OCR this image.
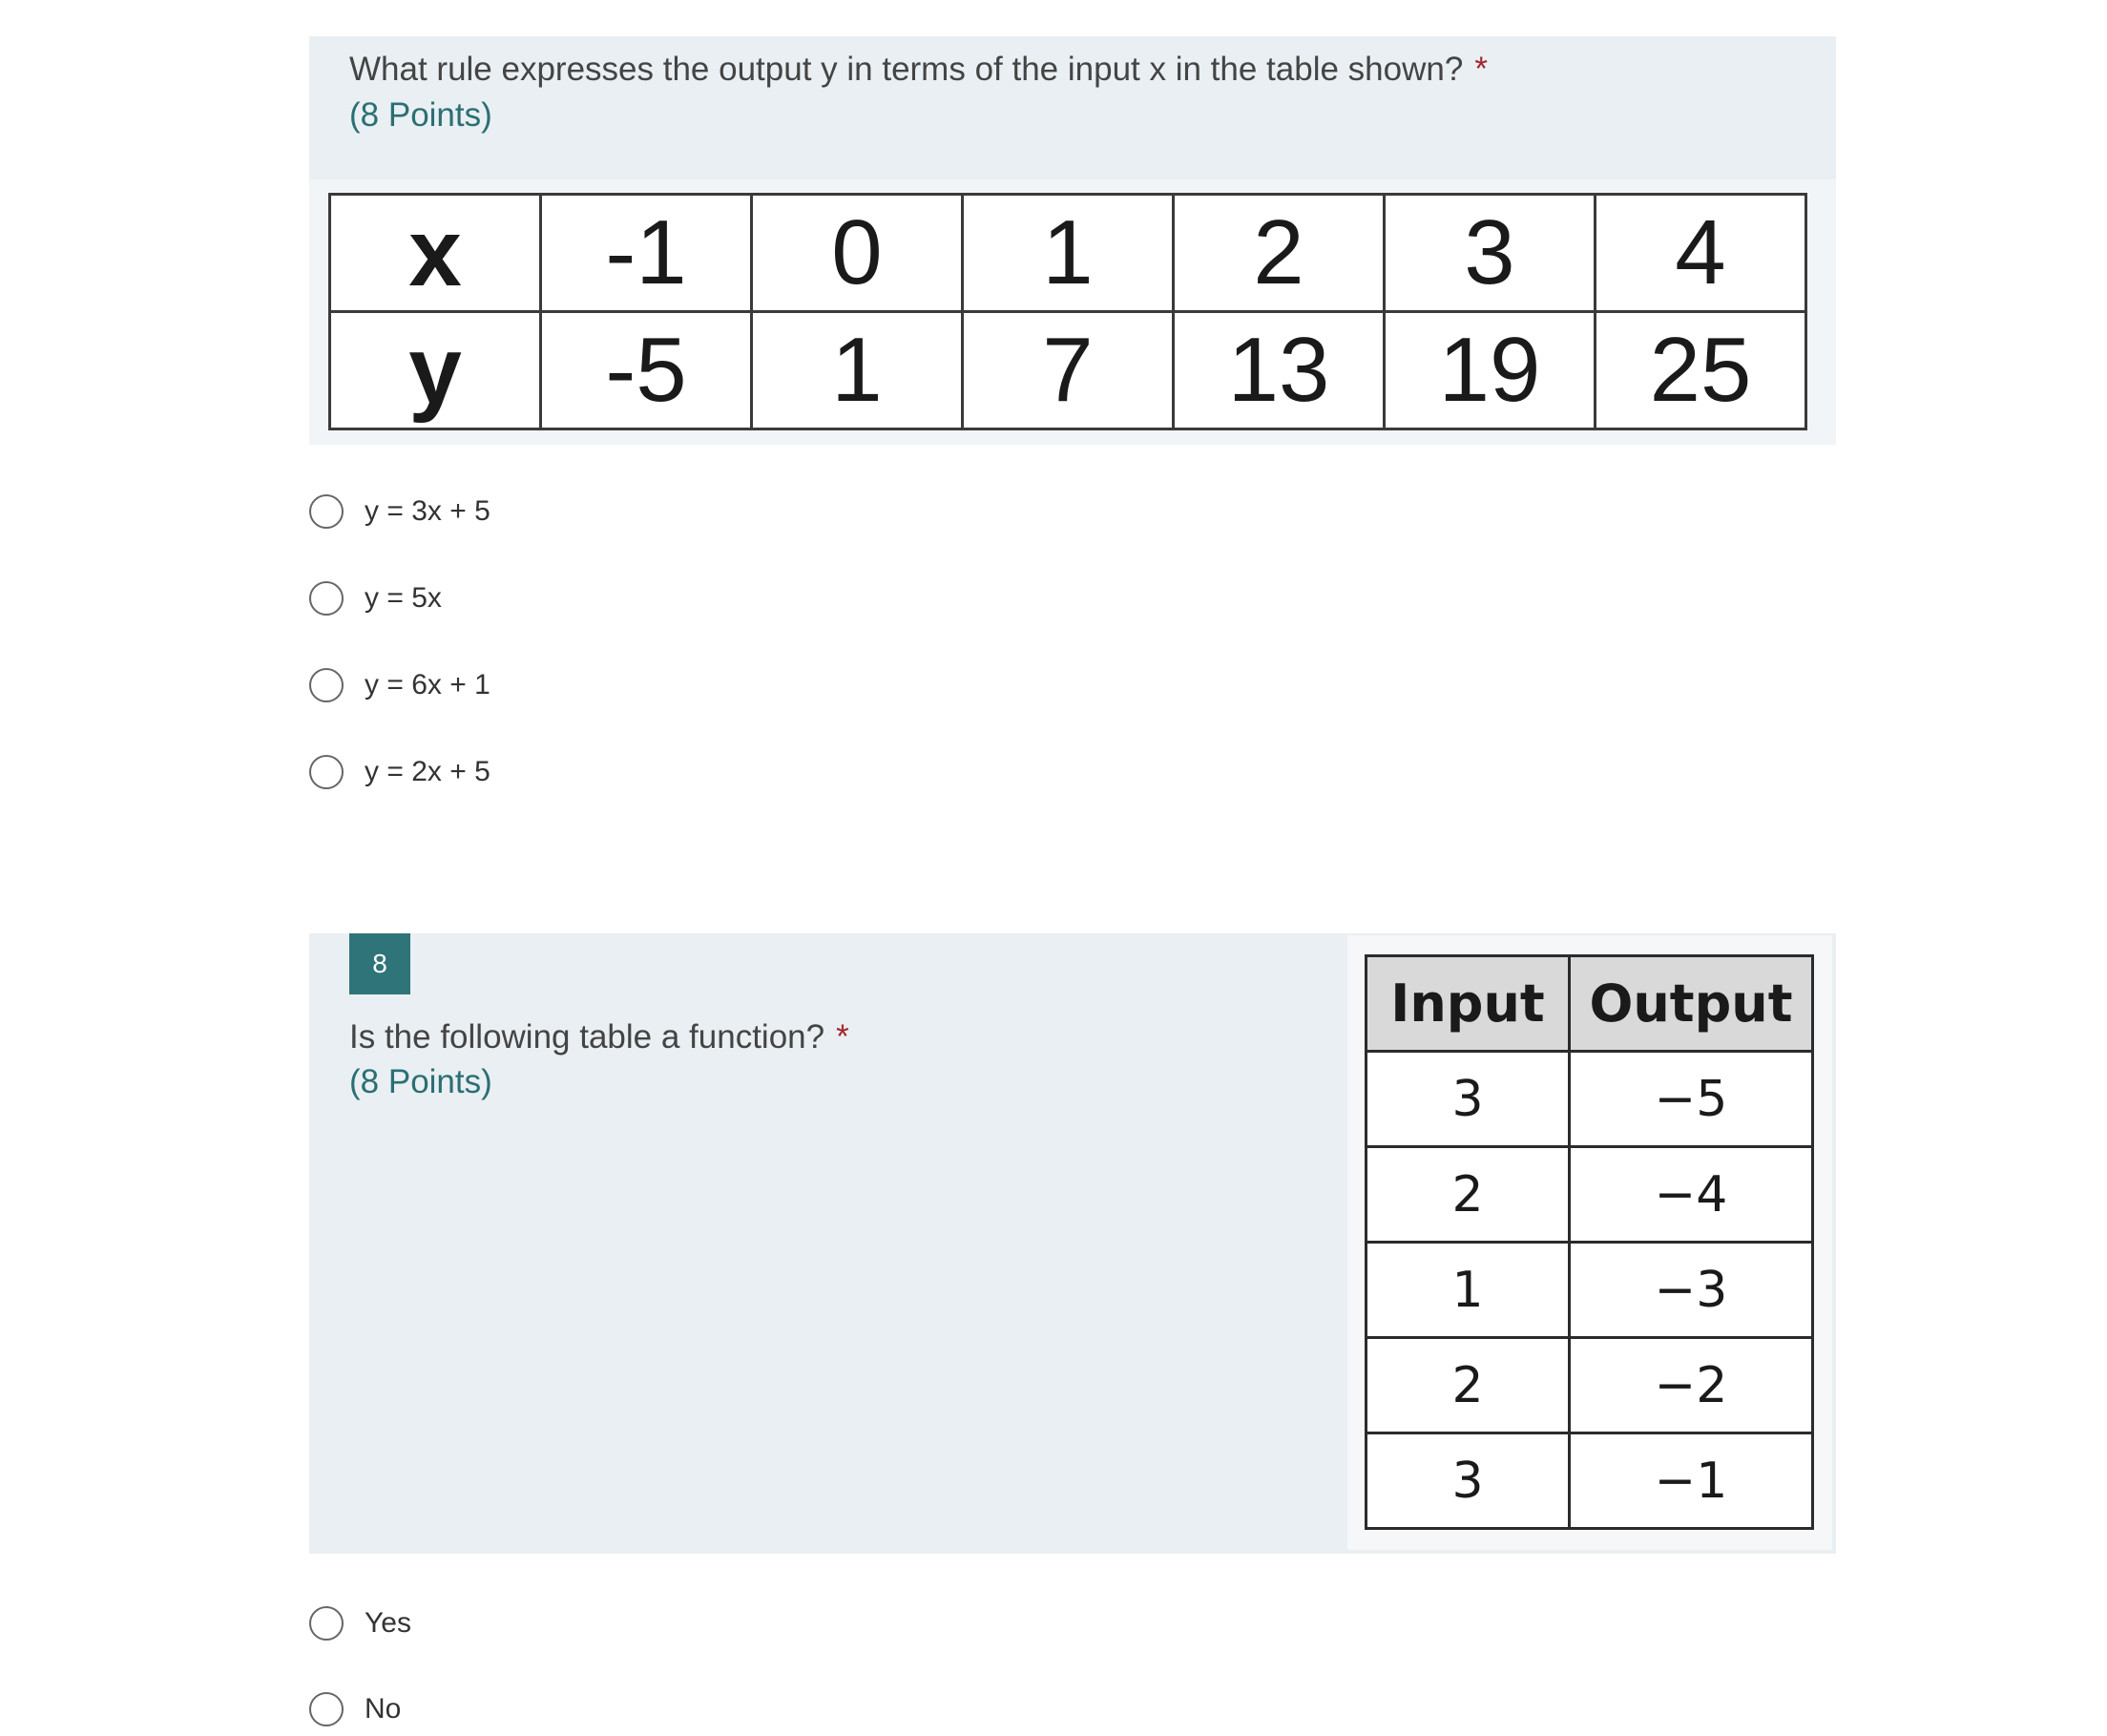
What rule expresses the output y in terms of the input x in the table shown? *
(8 Points)
x	-1	0	1	2	3	4
y	-5	1	7	13	19	25
y = 3x + 5
y = 5x
y = 6x + 1
y = 2x + 5
8
Is the following table a function? *
(8 Points)
Input	Output
3	−5
2	−4
1	−3
2	−2
3	−1
Yes
No
